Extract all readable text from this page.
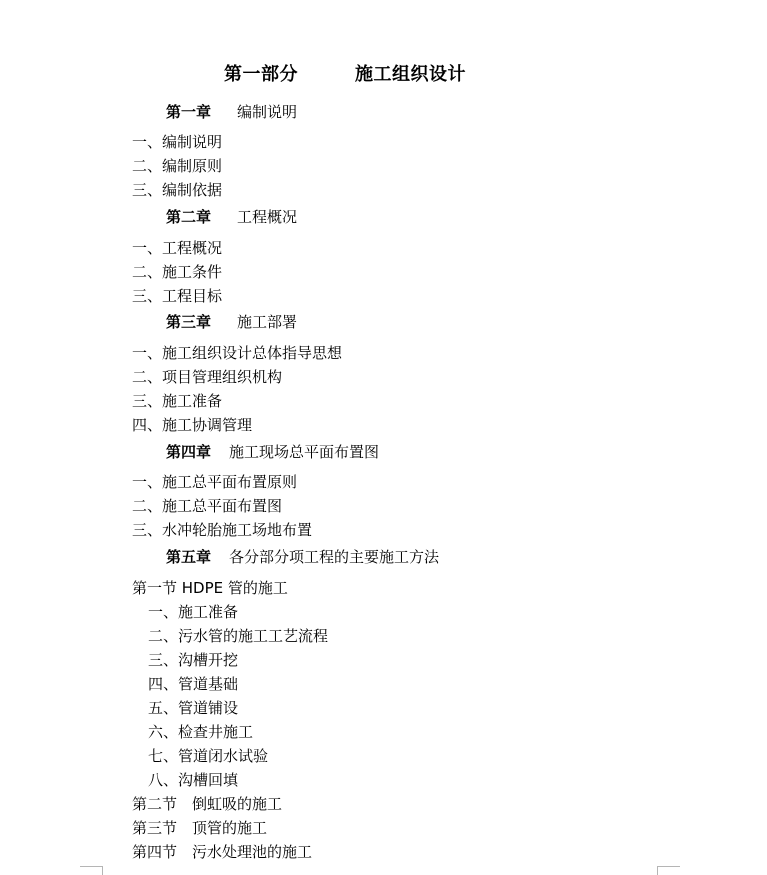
第一部分	施工组织设计
第一章 编制说明
一、编制说明
二、编制原则
三、编制依据
第二章 工程概况
一、工程概况
二、施工条件
三、工程目标
第三章 施工部署
一、施工组织设计总体指导思想
二、项目管理组织机构
三、施工准备
四、施工协调管理
第四章 施工现场总平面布置图
一、施工总平面布置原则
二、施工总平面布置图
三、水冲轮胎施工场地布置
第五章 各分部分项工程的主要施工方法
第一节 HDPE 管的施工
一、施工准备
二、污水管的施工工艺流程
三、沟槽开挖
四、管道基础
五、管道铺设
六、检查井施工
七、管道闭水试验
八、沟槽回填
第二节　倒虹吸的施工
第三节　顶管的施工
第四节　污水处理池的施工
